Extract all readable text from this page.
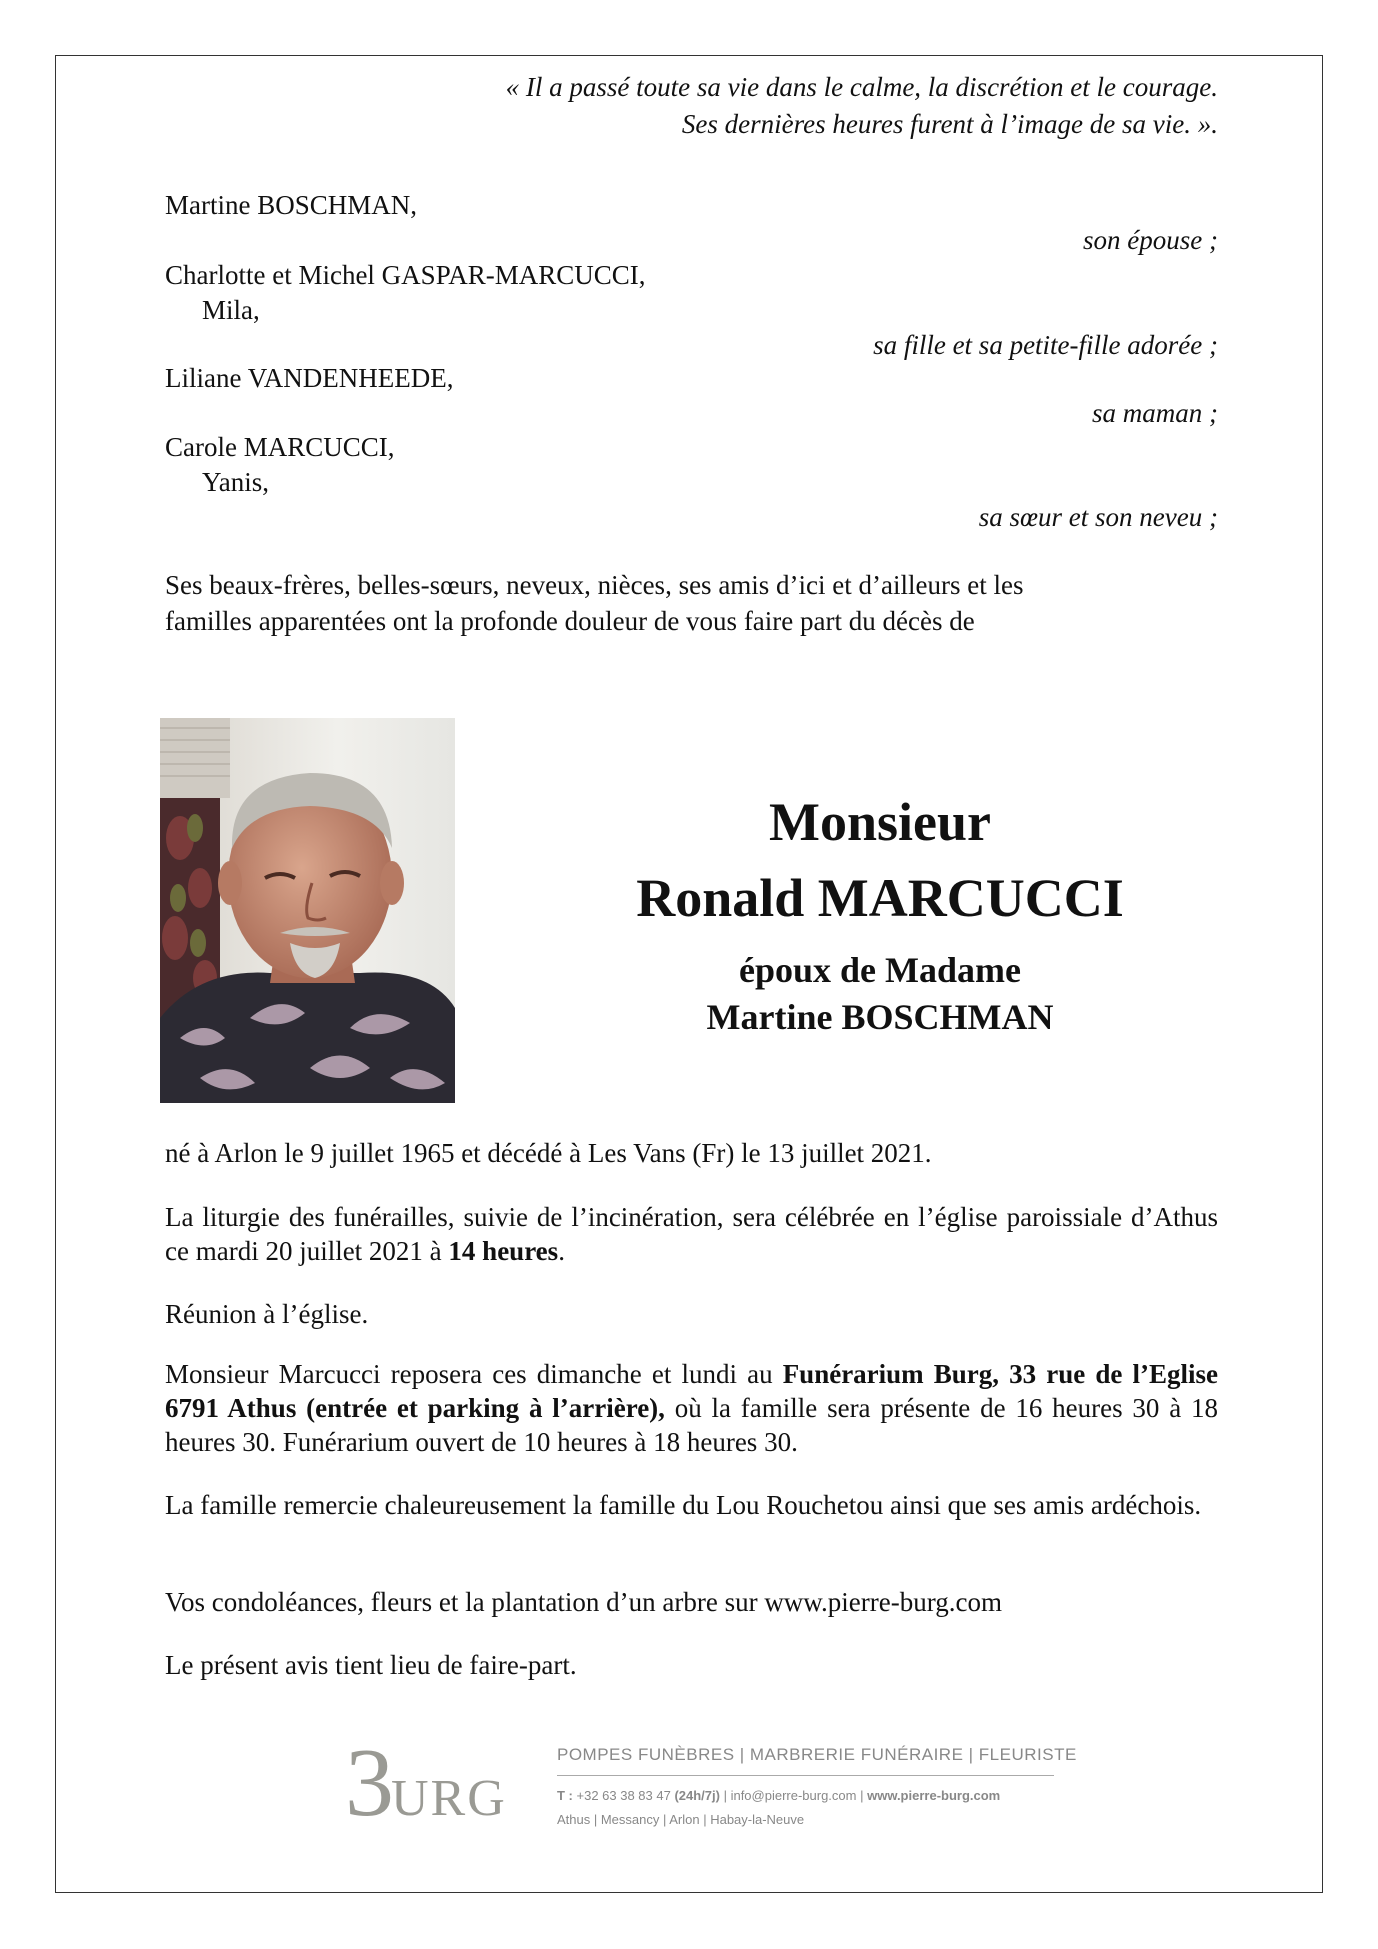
« Il a passé toute sa vie dans le calme, la discrétion et le courage.
Ses dernières heures furent à l’image de sa vie. ».
Martine BOSCHMAN,
son épouse ;
Charlotte et Michel GASPAR-MARCUCCI,
Mila,
sa fille et sa petite-fille adorée ;
Liliane VANDENHEEDE,
sa maman ;
Carole MARCUCCI,
Yanis,
sa sœur et son neveu ;
Ses beaux-frères, belles-sœurs, neveux, nièces, ses amis d’ici et d’ailleurs et les
familles apparentées ont la profonde douleur de vous faire part du décès de
Monsieur
Ronald MARCUCCI
époux de Madame
Martine BOSCHMAN
né à Arlon le 9 juillet 1965 et décédé à Les Vans (Fr) le 13 juillet 2021.
La liturgie des funérailles, suivie de l’incinération, sera célébrée en l’église paroissiale d’Athus ce mardi 20 juillet 2021 à 14 heures.
Réunion à l’église.
Monsieur Marcucci reposera ces dimanche et lundi au Funérarium Burg, 33 rue de l’Eglise 6791 Athus (entrée et parking à l’arrière), où la famille sera présente de 16 heures 30 à 18 heures 30. Funérarium ouvert de 10 heures à 18 heures 30.
La famille remercie chaleureusement la famille du Lou Rouchetou ainsi que ses amis ardéchois.
Vos condoléances, fleurs et la plantation d’un arbre sur www.pierre-burg.com
Le présent avis tient lieu de faire-part.
3
URG
POMPES FUNÈBRES | MARBRERIE FUNÉRAIRE | FLEURISTE
T : +32 63 38 83 47 (24h/7j) | info@pierre-burg.com | www.pierre-burg.com
Athus | Messancy | Arlon | Habay-la-Neuve
